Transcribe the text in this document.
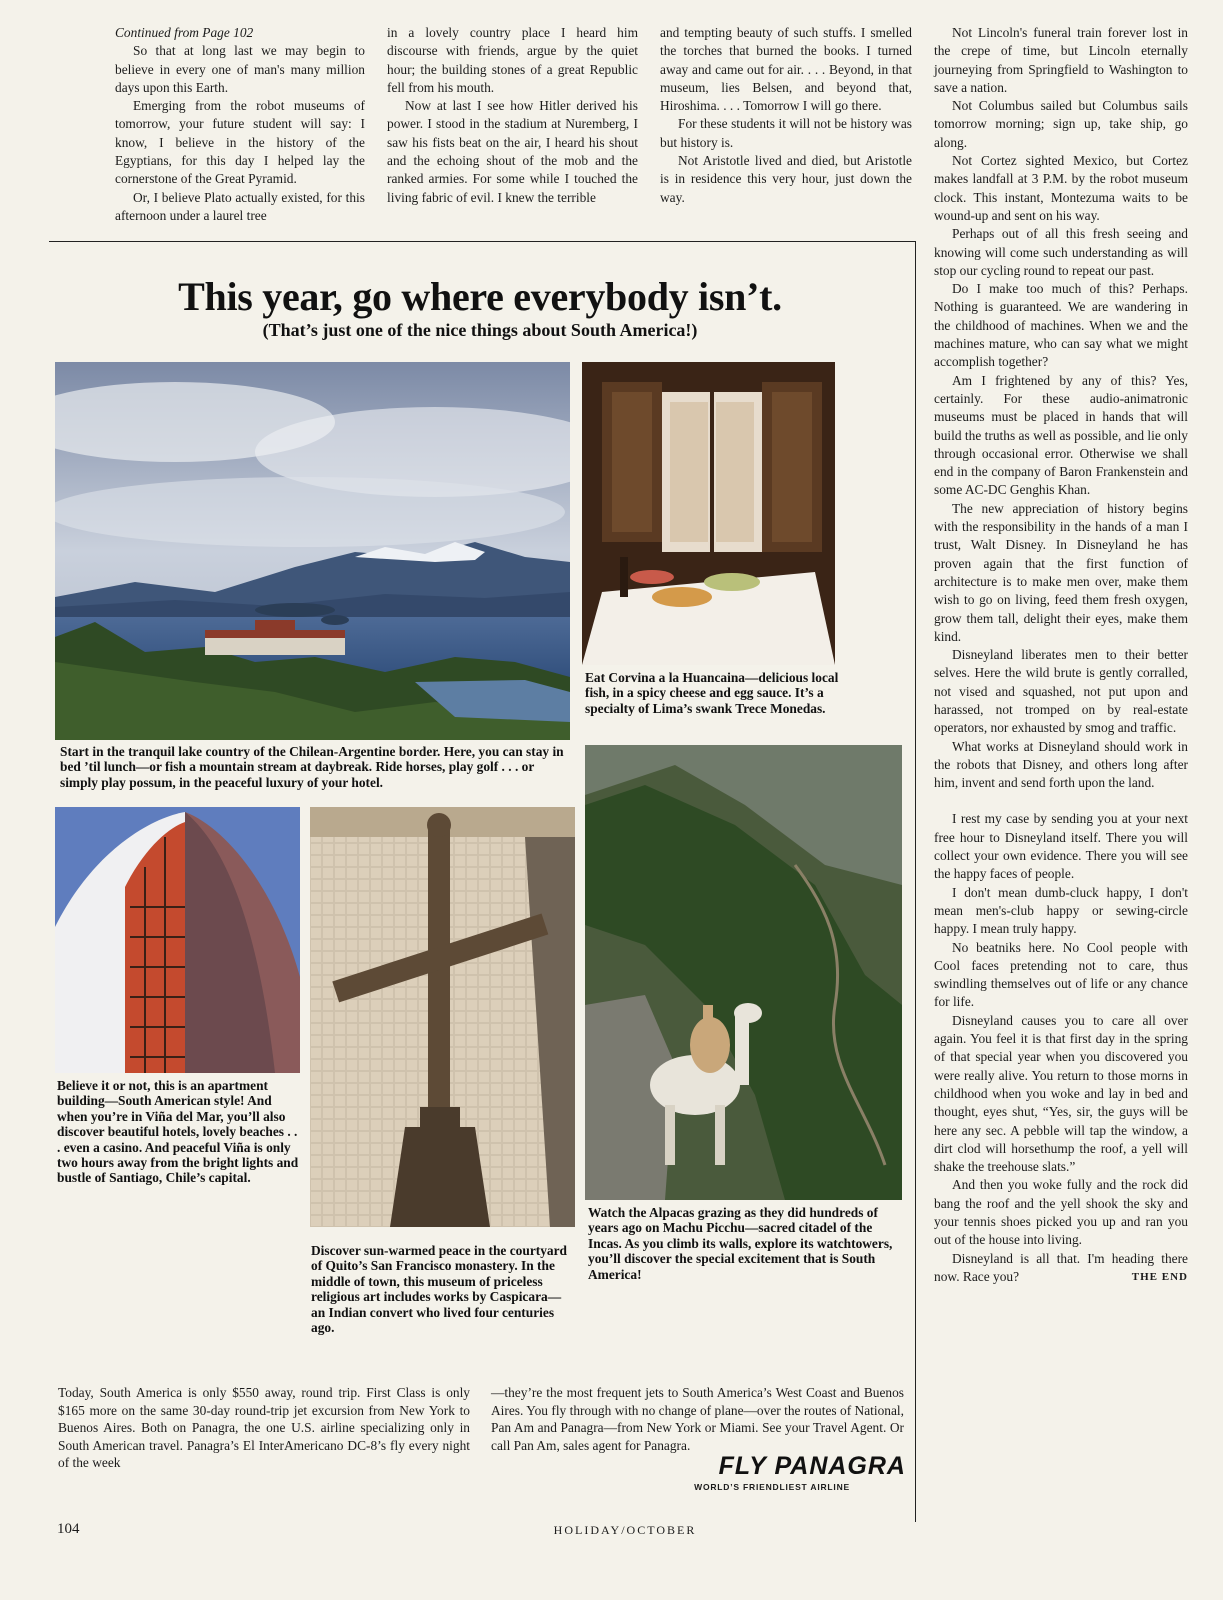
Continued from Page 102

So that at long last we may begin to believe in every one of man's many million days upon this Earth.

Emerging from the robot museums of tomorrow, your future student will say: I know, I believe in the history of the Egyptians, for this day I helped lay the cornerstone of the Great Pyramid.

Or, I believe Plato actually existed, for this afternoon under a laurel tree

in a lovely country place I heard him discourse with friends, argue by the quiet hour; the building stones of a great Republic fell from his mouth.

Now at last I see how Hitler derived his power. I stood in the stadium at Nuremberg, I saw his fists beat on the air, I heard his shout and the echoing shout of the mob and the ranked armies. For some while I touched the living fabric of evil. I knew the terrible

and tempting beauty of such stuffs. I smelled the torches that burned the books. I turned away and came out for air. . . . Beyond, in that museum, lies Belsen, and beyond that, Hiroshima. . . . Tomorrow I will go there.

For these students it will not be history was but history is.

Not Aristotle lived and died, but Aristotle is in residence this very hour, just down the way.

Not Lincoln's funeral train forever lost in the crepe of time, but Lincoln eternally journeying from Springfield to Washington to save a nation.

Not Columbus sailed but Columbus sails tomorrow morning; sign up, take ship, go along.

Not Cortez sighted Mexico, but Cortez makes landfall at 3 P.M. by the robot museum clock. This instant, Montezuma waits to be wound-up and sent on his way.

Perhaps out of all this fresh seeing and knowing will come such understanding as will stop our cycling round to repeat our past.

Do I make too much of this? Perhaps. Nothing is guaranteed. We are wandering in the childhood of machines. When we and the machines mature, who can say what we might accomplish together?

Am I frightened by any of this? Yes, certainly. For these audio-animatronic museums must be placed in hands that will build the truths as well as possible, and lie only through occasional error. Otherwise we shall end in the company of Baron Frankenstein and some AC-DC Genghis Khan.

The new appreciation of history begins with the responsibility in the hands of a man I trust, Walt Disney. In Disneyland he has proven again that the first function of architecture is to make men over, make them wish to go on living, feed them fresh oxygen, grow them tall, delight their eyes, make them kind.

Disneyland liberates men to their better selves. Here the wild brute is gently corralled, not vised and squashed, not put upon and harassed, not tromped on by real-estate operators, nor exhausted by smog and traffic.

What works at Disneyland should work in the robots that Disney, and others long after him, invent and send forth upon the land.

I rest my case by sending you at your next free hour to Disneyland itself. There you will collect your own evidence. There you will see the happy faces of people.

I don't mean dumb-cluck happy, I don't mean men's-club happy or sewing-circle happy. I mean truly happy.

No beatniks here. No Cool people with Cool faces pretending not to care, thus swindling themselves out of life or any chance for life.

Disneyland causes you to care all over again. You feel it is that first day in the spring of that special year when you discovered you were really alive. You return to those morns in childhood when you woke and lay in bed and thought, eyes shut, “Yes, sir, the guys will be here any sec. A pebble will tap the window, a dirt clod will horsethump the roof, a yell will shake the treehouse slats.”

And then you woke fully and the rock did bang the roof and the yell shook the sky and your tennis shoes picked you up and ran you out of the house into living.

Disneyland is all that. I'm heading there now. Race you?	THE END

This year, go where everybody isn’t.
(That’s just one of the nice things about South America!)
Start in the tranquil lake country of the Chilean-Argentine border. Here, you can stay in bed ’til lunch—or fish a mountain stream at daybreak. Ride horses, play golf . . . or simply play possum, in the peaceful luxury of your hotel.
Eat Corvina a la Huancaina—delicious local fish, in a spicy cheese and egg sauce. It’s a specialty of Lima’s swank Trece Monedas.
Believe it or not, this is an apartment building—South American style! And when you’re in Viña del Mar, you’ll also discover beautiful hotels, lovely beaches . . . even a casino. And peaceful Viña is only two hours away from the bright lights and bustle of Santiago, Chile’s capital.
Discover sun-warmed peace in the courtyard of Quito’s San Francisco monastery. In the middle of town, this museum of priceless religious art includes works by Caspicara—an Indian convert who lived four centuries ago.
Watch the Alpacas grazing as they did hundreds of years ago on Machu Picchu—sacred citadel of the Incas. As you climb its walls, explore its watchtowers, you’ll discover the special excitement that is South America!
Today, South America is only $550 away, round trip. First Class is only $165 more on the same 30-day round-trip jet excursion from New York to Buenos Aires. Both on Panagra, the one U.S. airline specializing only in South American travel. Panagra’s El InterAmericano DC-8’s fly every night of the week
—they’re the most frequent jets to South America’s West Coast and Buenos Aires. You fly through with no change of plane—over the routes of National, Pan Am and Panagra—from New York or Miami. See your Travel Agent. Or call Pan Am, sales agent for Panagra.
FLY PANAGRA
WORLD’S FRIENDLIEST AIRLINE
104	HOLIDAY/OCTOBER
